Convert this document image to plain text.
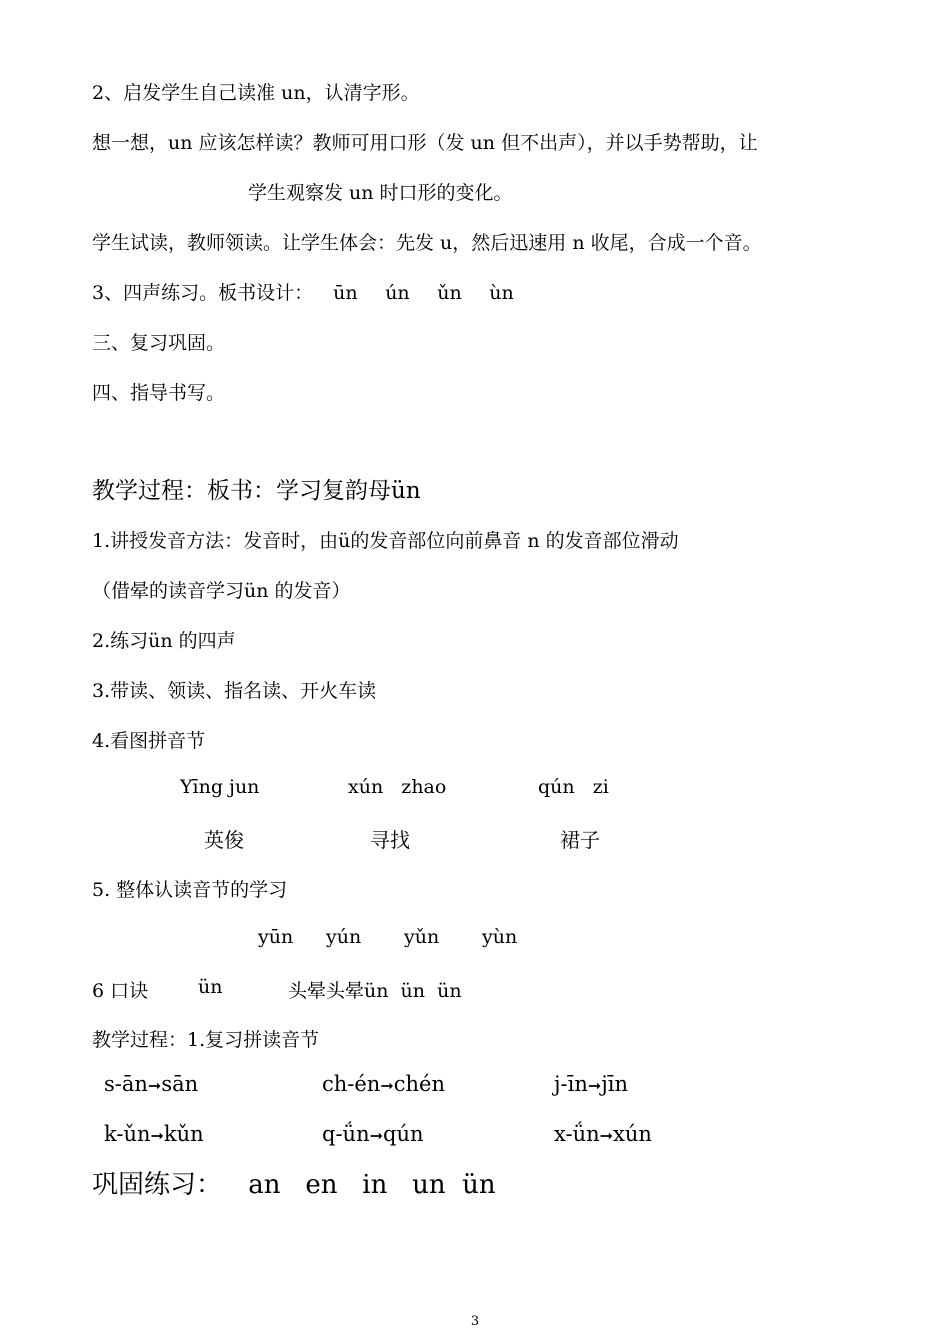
2、启发学生自己读准 un，认清字形。
想一想，un 应该怎样读？教师可用口形（发 un 但不出声），并以手势帮助，让
学生观察发 un 时口形的变化。
学生试读，教师领读。让学生体会：先发 u，然后迅速用 n 收尾，合成一个音。
3、四声练习。板书设计： ūn ún ǔn ùn
三、复习巩固。
四、指导书写。
教学过程：板书：学习复韵母ün
1.讲授发音方法：发音时，由ü的发音部位向前鼻音 n 的发音部位滑动
（借晕的读音学习ün 的发音）
2.练习ün 的四声
3.带读、领读、指名读、开火车读
4.看图拼音节
Yīng jun	xún   zhao	qún   zi
英俊	寻找	裙子
5. 整体认读音节的学习
yūn yún yǔn yùn
6 口诀	ün	头晕头晕ün  ün  ün
教学过程：1.复习拼读音节
s-ān➞sān	ch-én➞chén	j-īn➞jīn
k-ǔn➞kǔn	q-ǘn➞qún	x-ǘn➞xún
巩固练习： an   en   in   un  ün
3
